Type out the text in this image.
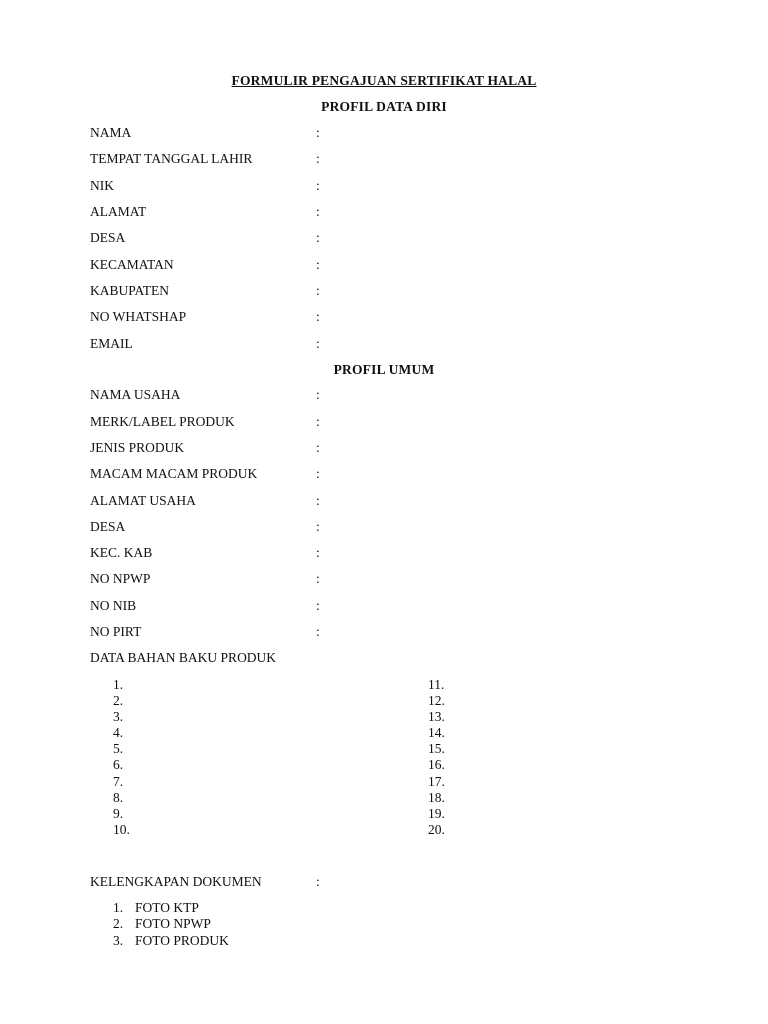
FORMULIR PENGAJUAN SERTIFIKAT HALAL
PROFIL DATA DIRI
NAMA	:
TEMPAT TANGGAL LAHIR	:
NIK	:
ALAMAT	:
DESA	:
KECAMATAN	:
KABUPATEN	:
NO WHATSHAP	:
EMAIL	:
PROFIL UMUM
NAMA USAHA	:
MERK/LABEL PRODUK	:
JENIS PRODUK	:
MACAM MACAM PRODUK	:
ALAMAT USAHA	:
DESA	:
KEC. KAB	:
NO NPWP	:
NO NIB	:
NO PIRT	:
DATA BAHAN BAKU PRODUK
1.
2.
3.
4.
5.
6.
7.
8.
9.
10.
11.
12.
13.
14.
15.
16.
17.
18.
19.
20.
KELENGKAPAN DOKUMEN	:
1. FOTO KTP
2. FOTO NPWP
3. FOTO PRODUK
